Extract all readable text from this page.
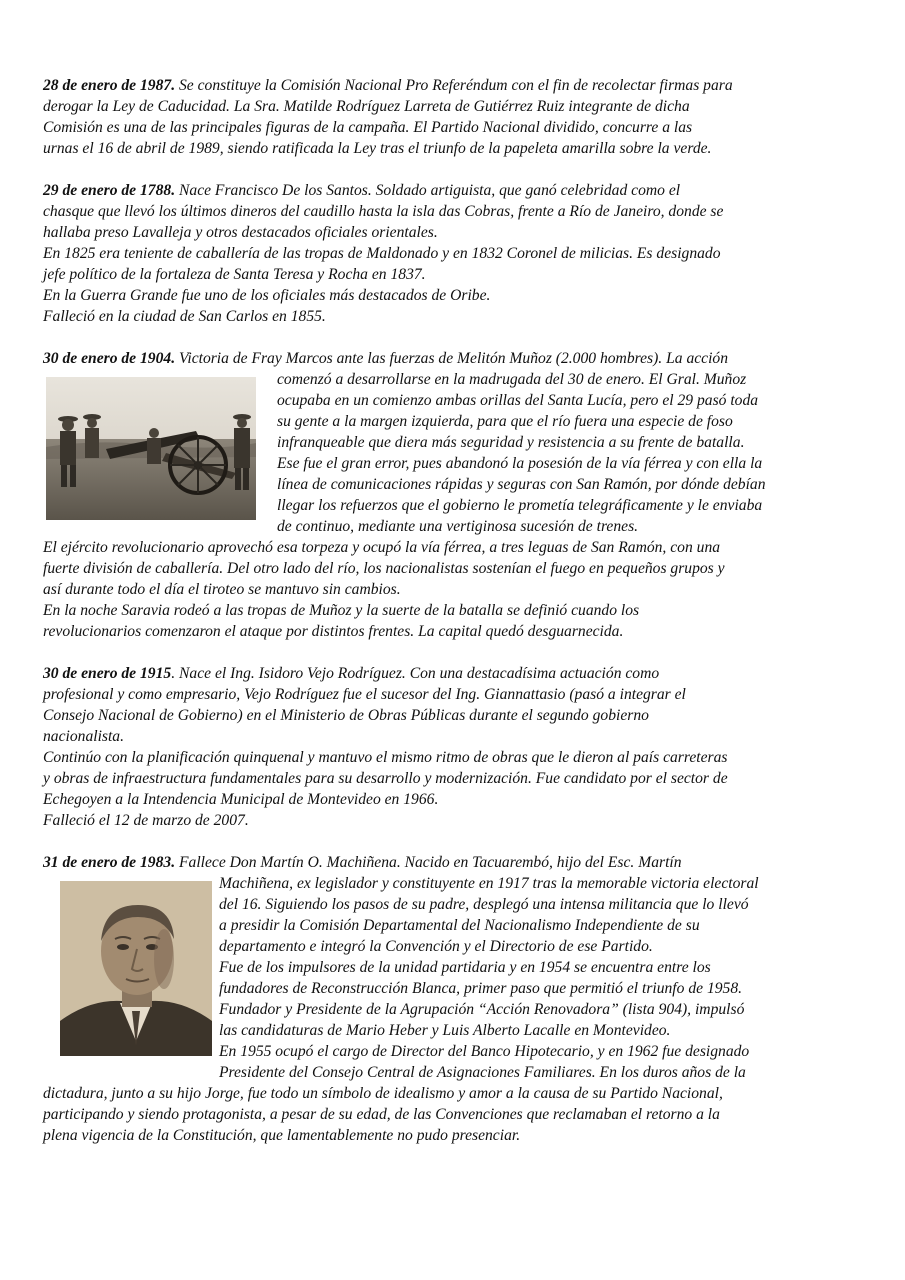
28 de enero de 1987. Se constituye la Comisión Nacional Pro Referéndum con el fin de recolectar firmas para
derogar la Ley de Caducidad. La Sra. Matilde Rodríguez Larreta de Gutiérrez Ruiz integrante de dicha
Comisión es una de las principales figuras de la campaña. El Partido Nacional dividido, concurre a las
urnas el 16 de abril de 1989, siendo ratificada la Ley tras el triunfo de la papeleta amarilla sobre la verde.
29 de enero de 1788. Nace Francisco De los Santos. Soldado artiguista, que ganó celebridad como el
chasque que llevó los últimos dineros del caudillo hasta la isla das Cobras, frente a Río de Janeiro, donde se
hallaba preso Lavalleja y otros destacados oficiales orientales.
En 1825 era teniente de caballería de las tropas de Maldonado y en 1832 Coronel de milicias. Es designado
jefe político de la fortaleza de Santa Teresa y Rocha en 1837.
En la Guerra Grande fue uno de los oficiales más destacados de Oribe.
Falleció en la ciudad de San Carlos en 1855.
30 de enero de 1904. Victoria de Fray Marcos ante las fuerzas de Melitón Muñoz (2.000 hombres). La acción
comenzó a desarrollarse en la madrugada del 30 de enero. El Gral. Muñoz
ocupaba en un comienzo ambas orillas del Santa Lucía, pero el 29 pasó toda
su gente a la margen izquierda, para que el río fuera una especie de foso
infranqueable que diera más seguridad y resistencia a su frente de batalla.
Ese fue el gran error, pues abandonó la posesión de la vía férrea y con ella la
línea de comunicaciones rápidas y seguras con San Ramón, por dónde debían
llegar los refuerzos que el gobierno le prometía telegráficamente y le enviaba
de continuo, mediante una vertiginosa sucesión de trenes.
El ejército revolucionario aprovechó esa torpeza y ocupó la vía férrea, a tres leguas de San Ramón, con una
fuerte división de caballería. Del otro lado del río, los nacionalistas sostenían el fuego en pequeños grupos y
así durante todo el día el tiroteo se mantuvo sin cambios.
En la noche Saravia rodeó a las tropas de Muñoz y la suerte de la batalla se definió cuando los
revolucionarios comenzaron el ataque por distintos frentes. La capital quedó desguarnecida.
30 de enero de 1915. Nace el Ing. Isidoro Vejo Rodríguez. Con una destacadísima actuación como
profesional y como empresario, Vejo Rodríguez fue el sucesor del Ing. Giannattasio (pasó a integrar el
Consejo Nacional de Gobierno) en el Ministerio de Obras Públicas durante el segundo gobierno
nacionalista.
Continúo con la planificación quinquenal y mantuvo el mismo ritmo de obras que le dieron al país carreteras
y obras de infraestructura fundamentales para su desarrollo y modernización. Fue candidato por el sector de
Echegoyen a la Intendencia Municipal de Montevideo en 1966.
Falleció el 12 de marzo de 2007.
31 de enero de 1983. Fallece Don Martín O. Machiñena. Nacido en Tacuarembó, hijo del Esc. Martín
Machiñena, ex legislador y constituyente en 1917 tras la memorable victoria electoral
del 16. Siguiendo los pasos de su padre, desplegó una intensa militancia que lo llevó
a presidir la Comisión Departamental del Nacionalismo Independiente de su
departamento e integró la Convención y el Directorio de ese Partido.
Fue de los impulsores de la unidad partidaria y en 1954 se encuentra entre los
fundadores de Reconstrucción Blanca, primer paso que permitió el triunfo de 1958.
Fundador y Presidente de la Agrupación “Acción Renovadora” (lista 904), impulsó
las candidaturas de Mario Heber y Luis Alberto Lacalle en Montevideo.
En 1955 ocupó el cargo de Director del Banco Hipotecario, y en 1962 fue designado
Presidente del Consejo Central de Asignaciones Familiares. En los duros años de la
dictadura, junto a su hijo Jorge, fue todo un símbolo de idealismo y amor a la causa de su Partido Nacional,
participando y siendo protagonista, a pesar de su edad, de las Convenciones que reclamaban el retorno a la
plena vigencia de la Constitución, que lamentablemente no pudo presenciar.
